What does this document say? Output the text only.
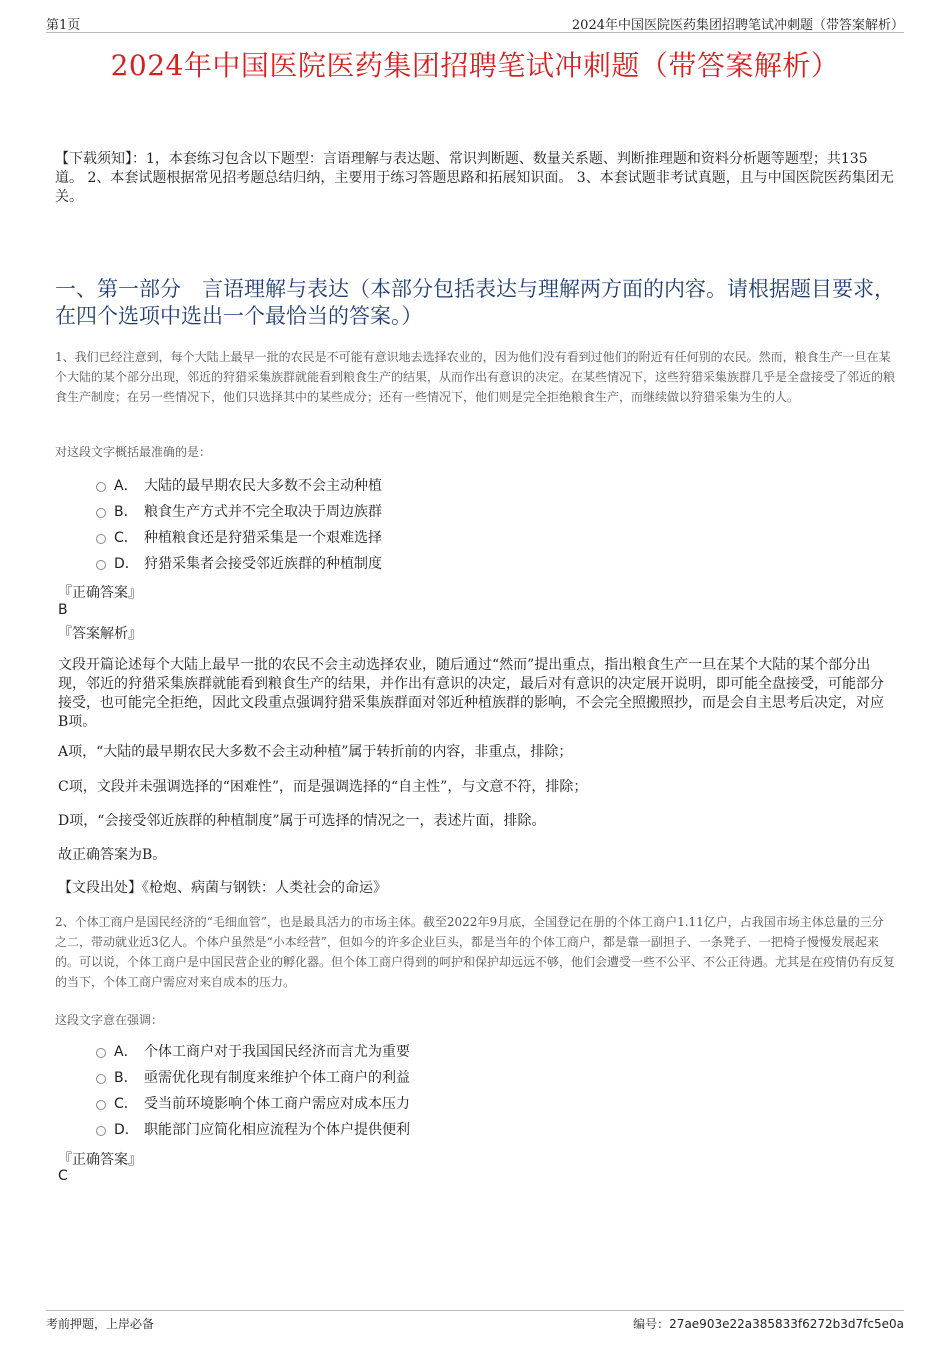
第1页	2024年中国医院医药集团招聘笔试冲刺题（带答案解析）
2024年中国医院医药集团招聘笔试冲刺题（带答案解析）
【下载须知】：1，本套练习包含以下题型：言语理解与表达题、常识判断题、数量关系题、判断推理题和资料分析题等题型；共135道。 2、本套试题根据常见招考题总结归纳，主要用于练习答题思路和拓展知识面。 3、本套试题非考试真题，且与中国医院医药集团无关。
一、第一部分　言语理解与表达（本部分包括表达与理解两方面的内容。请根据题目要求，在四个选项中选出一个最恰当的答案。）
1、我们已经注意到，每个大陆上最早一批的农民是不可能有意识地去选择农业的，因为他们没有看到过他们的附近有任何别的农民。然而，粮食生产一旦在某个大陆的某个部分出现，邻近的狩猎采集族群就能看到粮食生产的结果，从而作出有意识的决定。在某些情况下，这些狩猎采集族群几乎是全盘接受了邻近的粮食生产制度；在另一些情况下，他们只选择其中的某些成分；还有一些情况下，他们则是完全拒绝粮食生产，而继续做以狩猎采集为生的人。
对这段文字概括最准确的是：
A． 大陆的最早期农民大多数不会主动种植
B． 粮食生产方式并不完全取决于周边族群
C． 种植粮食还是狩猎采集是一个艰难选择
D． 狩猎采集者会接受邻近族群的种植制度
『正确答案』
B
『答案解析』
文段开篇论述每个大陆上最早一批的农民不会主动选择农业，随后通过“然而”提出重点，指出粮食生产一旦在某个大陆的某个部分出现，邻近的狩猎采集族群就能看到粮食生产的结果，并作出有意识的决定，最后对有意识的决定展开说明，即可能全盘接受，可能部分接受，也可能完全拒绝，因此文段重点强调狩猎采集族群面对邻近种植族群的影响，不会完全照搬照抄，而是会自主思考后决定，对应B项。
A项，“大陆的最早期农民大多数不会主动种植”属于转折前的内容，非重点，排除；
C项，文段并未强调选择的“困难性”，而是强调选择的“自主性”，与文意不符，排除；
D项，“会接受邻近族群的种植制度”属于可选择的情况之一，表述片面，排除。
故正确答案为B。
【文段出处】《枪炮、病菌与钢铁：人类社会的命运》
2、个体工商户是国民经济的“毛细血管”，也是最具活力的市场主体。截至2022年9月底，全国登记在册的个体工商户1.11亿户，占我国市场主体总量的三分之二，带动就业近3亿人。个体户虽然是“小本经营”，但如今的许多企业巨头，都是当年的个体工商户，都是靠一副担子、一条凳子、一把椅子慢慢发展起来的。可以说，个体工商户是中国民营企业的孵化器。但个体工商户得到的呵护和保护却远远不够，他们会遭受一些不公平、不公正待遇。尤其是在疫情仍有反复的当下，个体工商户需应对来自成本的压力。
这段文字意在强调：
A． 个体工商户对于我国国民经济而言尤为重要
B． 亟需优化现有制度来维护个体工商户的利益
C． 受当前环境影响个体工商户需应对成本压力
D． 职能部门应简化相应流程为个体户提供便利
『正确答案』
C
考前押题，上岸必备	编号：27ae903e22a385833f6272b3d7fc5e0a
